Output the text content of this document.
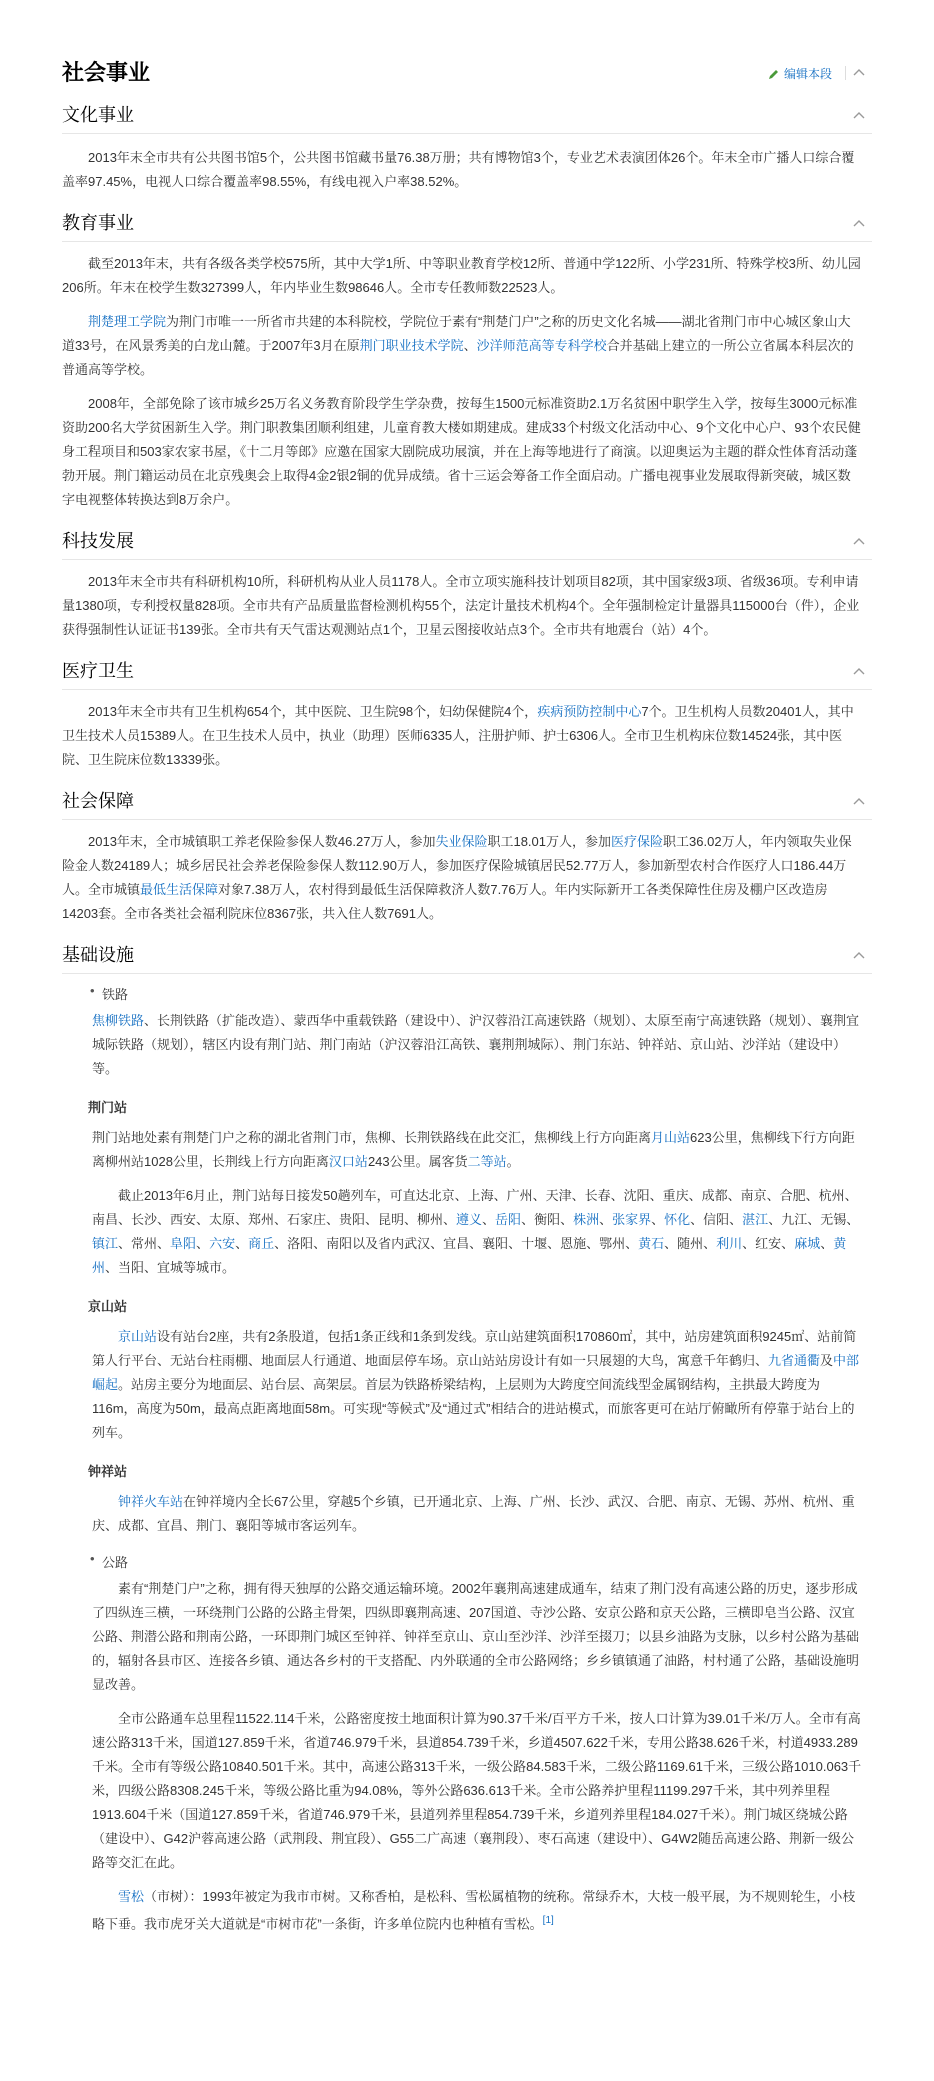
社会事业	编辑本段
文化事业

2013年末全市共有公共图书馆5个，公共图书馆藏书量76.38万册；共有博物馆3个，专业艺术表演团体26个。年末全市广播人口综合覆盖率97.45%，电视人口综合覆盖率98.55%，有线电视入户率38.52%。

教育事业

截至2013年末，共有各级各类学校575所，其中大学1所、中等职业教育学校12所、普通中学122所、小学231所、特殊学校3所、幼儿园206所。年末在校学生数327399人，年内毕业生数98646人。全市专任教师数22523人。

荆楚理工学院为荆门市唯一一所省市共建的本科院校，学院位于素有“荆楚门户”之称的历史文化名城——湖北省荆门市中心城区象山大道33号，在风景秀美的白龙山麓。于2007年3月在原荆门职业技术学院、沙洋师范高等专科学校合并基础上建立的一所公立省属本科层次的普通高等学校。

2008年，全部免除了该市城乡25万名义务教育阶段学生学杂费，按每生1500元标准资助2.1万名贫困中职学生入学，按每生3000元标准资助200名大学贫困新生入学。荆门职教集团顺利组建，儿童育教大楼如期建成。建成33个村级文化活动中心、9个文化中心户、93个农民健身工程项目和503家农家书屋，《十二月等郎》应邀在国家大剧院成功展演，并在上海等地进行了商演。以迎奥运为主题的群众性体育活动蓬勃开展。荆门籍运动员在北京残奥会上取得4金2银2铜的优异成绩。省十三运会筹备工作全面启动。广播电视事业发展取得新突破，城区数字电视整体转换达到8万余户。

科技发展

2013年末全市共有科研机构10所，科研机构从业人员1178人。全市立项实施科技计划项目82项，其中国家级3项、省级36项。专利申请量1380项，专利授权量828项。全市共有产品质量监督检测机构55个，法定计量技术机构4个。全年强制检定计量器具115000台（件），企业获得强制性认证证书139张。全市共有天气雷达观测站点1个，卫星云图接收站点3个。全市共有地震台（站）4个。

医疗卫生

2013年末全市共有卫生机构654个，其中医院、卫生院98个，妇幼保健院4个，疾病预防控制中心7个。卫生机构人员数20401人，其中卫生技术人员15389人。在卫生技术人员中，执业（助理）医师6335人，注册护师、护士6306人。全市卫生机构床位数14524张，其中医院、卫生院床位数13339张。

社会保障

2013年末，全市城镇职工养老保险参保人数46.27万人，参加失业保险职工18.01万人，参加医疗保险职工36.02万人，年内领取失业保险金人数24189人；城乡居民社会养老保险参保人数112.90万人，参加医疗保险城镇居民52.77万人，参加新型农村合作医疗人口186.44万人。全市城镇最低生活保障对象7.38万人，农村得到最低生活保障救济人数7.76万人。年内实际新开工各类保障性住房及棚户区改造房14203套。全市各类社会福利院床位8367张，共入住人数7691人。

基础设施
• 铁路

焦柳铁路、长荆铁路（扩能改造）、蒙西华中重载铁路（建设中）、沪汉蓉沿江高速铁路（规划）、太原至南宁高速铁路（规划）、襄荆宜城际铁路（规划），辖区内设有荆门站、荆门南站（沪汉蓉沿江高铁、襄荆荆城际）、荆门东站、钟祥站、京山站、沙洋站（建设中）等。

荆门站

荆门站地处素有荆楚门户之称的湖北省荆门市，焦柳、长荆铁路线在此交汇，焦柳线上行方向距离月山站623公里，焦柳线下行方向距离柳州站1028公里，长荆线上行方向距离汉口站243公里。属客货二等站。

截止2013年6月止，荆门站每日接发50趟列车，可直达北京、上海、广州、天津、长春、沈阳、重庆、成都、南京、合肥、杭州、南昌、长沙、西安、太原、郑州、石家庄、贵阳、昆明、柳州、遵义、岳阳、衡阳、株洲、张家界、怀化、信阳、湛江、九江、无锡、镇江、常州、阜阳、六安、商丘、洛阳、南阳以及省内武汉、宜昌、襄阳、十堰、恩施、鄂州、黄石、随州、利川、红安、麻城、黄州、当阳、宜城等城市。

京山站

京山站设有站台2座，共有2条股道，包括1条正线和1条到发线。京山站建筑面积170860㎡，其中，站房建筑面积9245㎡、站前简第人行平台、无站台柱雨棚、地面层人行通道、地面层停车场。京山站站房设计有如一只展翅的大鸟，寓意千年鹤归、九省通衢及中部崛起。站房主要分为地面层、站台层、高架层。首层为铁路桥梁结构，上层则为大跨度空间流线型金属钢结构，主拱最大跨度为116m，高度为50m，最高点距离地面58m。可实现“等候式”及“通过式”相结合的进站模式，而旅客更可在站厅俯瞰所有停靠于站台上的列车。

钟祥站

钟祥火车站在钟祥境内全长67公里，穿越5个乡镇，已开通北京、上海、广州、长沙、武汉、合肥、南京、无锡、苏州、杭州、重庆、成都、宜昌、荆门、襄阳等城市客运列车。

• 公路

素有“荆楚门户”之称，拥有得天独厚的公路交通运输环境。2002年襄荆高速建成通车，结束了荆门没有高速公路的历史，逐步形成了四纵连三横，一环绕荆门公路的公路主骨架，四纵即襄荆高速、207国道、寺沙公路、安京公路和京天公路，三横即皂当公路、汉宜公路、荆潜公路和荆南公路，一环即荆门城区至钟祥、钟祥至京山、京山至沙洋、沙洋至掇刀；以县乡油路为支脉，以乡村公路为基础的，辐射各县市区、连接各乡镇、通达各乡村的干支搭配、内外联通的全市公路网络；乡乡镇镇通了油路，村村通了公路，基础设施明显改善。

全市公路通车总里程11522.114千米，公路密度按土地面积计算为90.37千米/百平方千米，按人口计算为39.01千米/万人。全市有高速公路313千米，国道127.859千米，省道746.979千米，县道854.739千米，乡道4507.622千米，专用公路38.626千米，村道4933.289千米。全市有等级公路10840.501千米。其中，高速公路313千米，一级公路84.583千米，二级公路1169.61千米，三级公路1010.063千米，四级公路8308.245千米，等级公路比重为94.08%，等外公路636.613千米。全市公路养护里程11199.297千米，其中列养里程1913.604千米（国道127.859千米，省道746.979千米，县道列养里程854.739千米，乡道列养里程184.027千米）。荆门城区绕城公路（建设中）、G42沪蓉高速公路（武荆段、荆宜段）、G55二广高速（襄荆段）、枣石高速（建设中）、G4W2随岳高速公路、荆新一级公路等交汇在此。

雪松（市树）：1993年被定为我市市树。又称香柏，是松科、雪松属植物的统称。常绿乔木，大枝一般平展，为不规则轮生，小枝略下垂。我市虎牙关大道就是“市树市花”一条街，许多单位院内也种植有雪松。[1]
